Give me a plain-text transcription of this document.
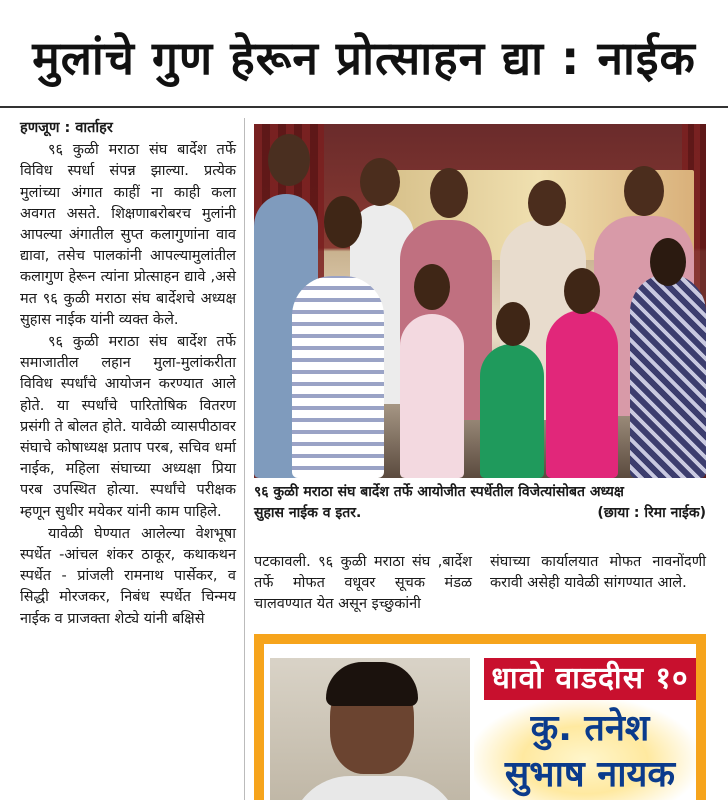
मुलांचे गुण हेरून प्रोत्साहन द्या : नाईक

हणजूण : वार्ताहर

९६ कुळी मराठा संघ बार्देश तर्फे विविध स्पर्धा संपन्न झाल्या. प्रत्येक मुलांच्या अंगात काहीं ना काही कला अवगत असते. शिक्षणाबरोबरच मुलांनी आपल्या अंगातील सुप्त कलागुणांना वाव द्यावा, तसेच पालकांनी आपल्यामुलांतील कलागुण हेरून त्यांना प्रोत्साहन द्यावे ,असे मत ९६ कुळी मराठा संघ बार्देशचे अध्यक्ष सुहास नाईक यांनी व्यक्त केले.

९६ कुळी मराठा संघ बार्देश तर्फे समाजातील लहान मुला-मुलांकरीता विविध स्पर्धांचे आयोजन करण्यात आले होते. या स्पर्धांचे पारितोषिक वितरण प्रसंगी ते बोलत होते. यावेळी व्यासपीठावर संघाचे कोषाध्यक्ष प्रताप परब, सचिव धर्मा नाईक, महिला संघाच्या अध्यक्षा प्रिया परब उपस्थित होत्या. स्पर्धांचे परीक्षक म्हणून सुधीर मयेकर यांनी काम पाहिले.

यावेळी घेण्यात आलेल्या वेशभूषा स्पर्धेत -आंचल शंकर ठाकूर, कथाकथन स्पर्धेत - प्रांजली रामनाथ पार्सेकर, व सिद्धी मोरजकर, निबंध स्पर्धेत चिन्मय नाईक व प्राजक्ता शेट्ये यांनी बक्षिसे

९६ कुळी मराठा संघ बार्देश तर्फे आयोजीत स्पर्धेतील विजेत्यांसोबत अध्यक्ष
सुहास नाईक व इतर.	(छाया : रिमा नाईक)

पटकावली. ९६ कुळी मराठा संघ ,बार्देश तर्फे मोफत वधूवर सूचक मंडळ चालवण्यात येत असून इच्छुकांनी

संघाच्या कार्यालयात मोफत नावनोंदणी करावी असेही यावेळी सांगण्यात आले.

धावो वाडदीस १०
कु. तनेश
सुभाष नायक
